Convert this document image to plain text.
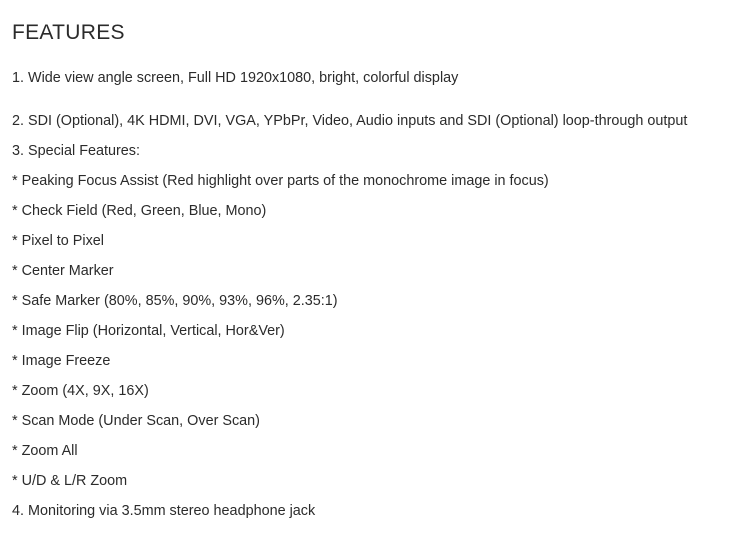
FEATURES

1. Wide view angle screen, Full HD 1920x1080, bright, colorful display

2. SDI (Optional), 4K HDMI, DVI, VGA, YPbPr, Video, Audio inputs and SDI (Optional) loop-through output

3. Special Features:

* Peaking Focus Assist (Red highlight over parts of the monochrome image in focus)

* Check Field (Red, Green, Blue, Mono)

* Pixel to Pixel

* Center Marker

* Safe Marker (80%, 85%, 90%, 93%, 96%, 2.35:1)

* Image Flip (Horizontal, Vertical, Hor&Ver)

* Image Freeze

* Zoom (4X, 9X, 16X)

* Scan Mode (Under Scan, Over Scan)

* Zoom All

* U/D & L/R Zoom

4. Monitoring via 3.5mm stereo headphone jack
